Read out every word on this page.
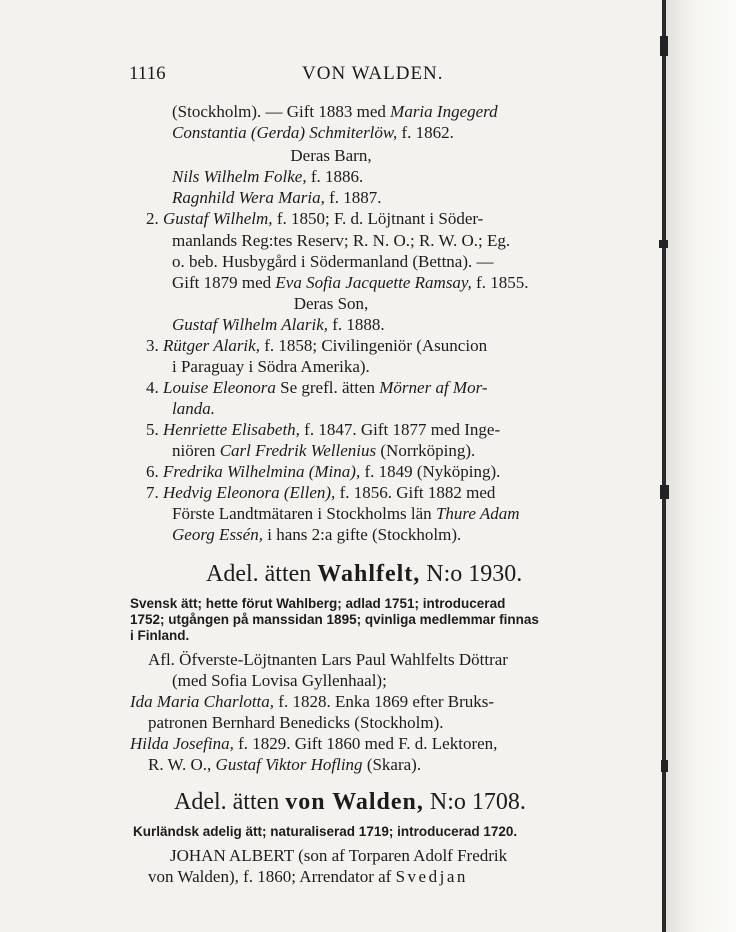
1116	VON WALDEN.
(Stockholm). — Gift 1883 med Maria Ingegerd
Constantia (Gerda) Schmiterlöw, f. 1862.
Deras Barn,
Nils Wilhelm Folke, f. 1886.
Ragnhild Wera Maria, f. 1887.
2. Gustaf Wilhelm, f. 1850; F. d. Löjtnant i Söder-
manlands Reg:tes Reserv; R. N. O.; R. W. O.; Eg.
o. beb. Husbygård i Södermanland (Bettna). —
Gift 1879 med Eva Sofia Jacquette Ramsay, f. 1855.
Deras Son,
Gustaf Wilhelm Alarik, f. 1888.
3. Rütger Alarik, f. 1858; Civilingeniör (Asuncion
i Paraguay i Södra Amerika).
4. Louise Eleonora Se grefl. ätten Mörner af Mor-
landa.
5. Henriette Elisabeth, f. 1847. Gift 1877 med Inge-
niören Carl Fredrik Wellenius (Norrköping).
6. Fredrika Wilhelmina (Mina), f. 1849 (Nyköping).
7. Hedvig Eleonora (Ellen), f. 1856. Gift 1882 med
Förste Landtmätaren i Stockholms län Thure Adam
Georg Essén, i hans 2:a gifte (Stockholm).
Adel. ätten Wahlfelt, N:o 1930.
Svensk ätt; hette förut Wahlberg; adlad 1751; introducerad
1752; utgången på manssidan 1895; qvinliga medlemmar finnas
i Finland.
Afl. Öfverste-Löjtnanten Lars Paul Wahlfelts Döttrar
(med Sofia Lovisa Gyllenhaal);
Ida Maria Charlotta, f. 1828. Enka 1869 efter Bruks-
patronen Bernhard Benedicks (Stockholm).
Hilda Josefina, f. 1829. Gift 1860 med F. d. Lektoren,
R. W. O., Gustaf Viktor Hofling (Skara).
Adel. ätten von Walden, N:o 1708.
Kurländsk adelig ätt; naturaliserad 1719; introducerad 1720.
JOHAN ALBERT (son af Torparen Adolf Fredrik
von Walden), f. 1860; Arrendator af Svedjan
